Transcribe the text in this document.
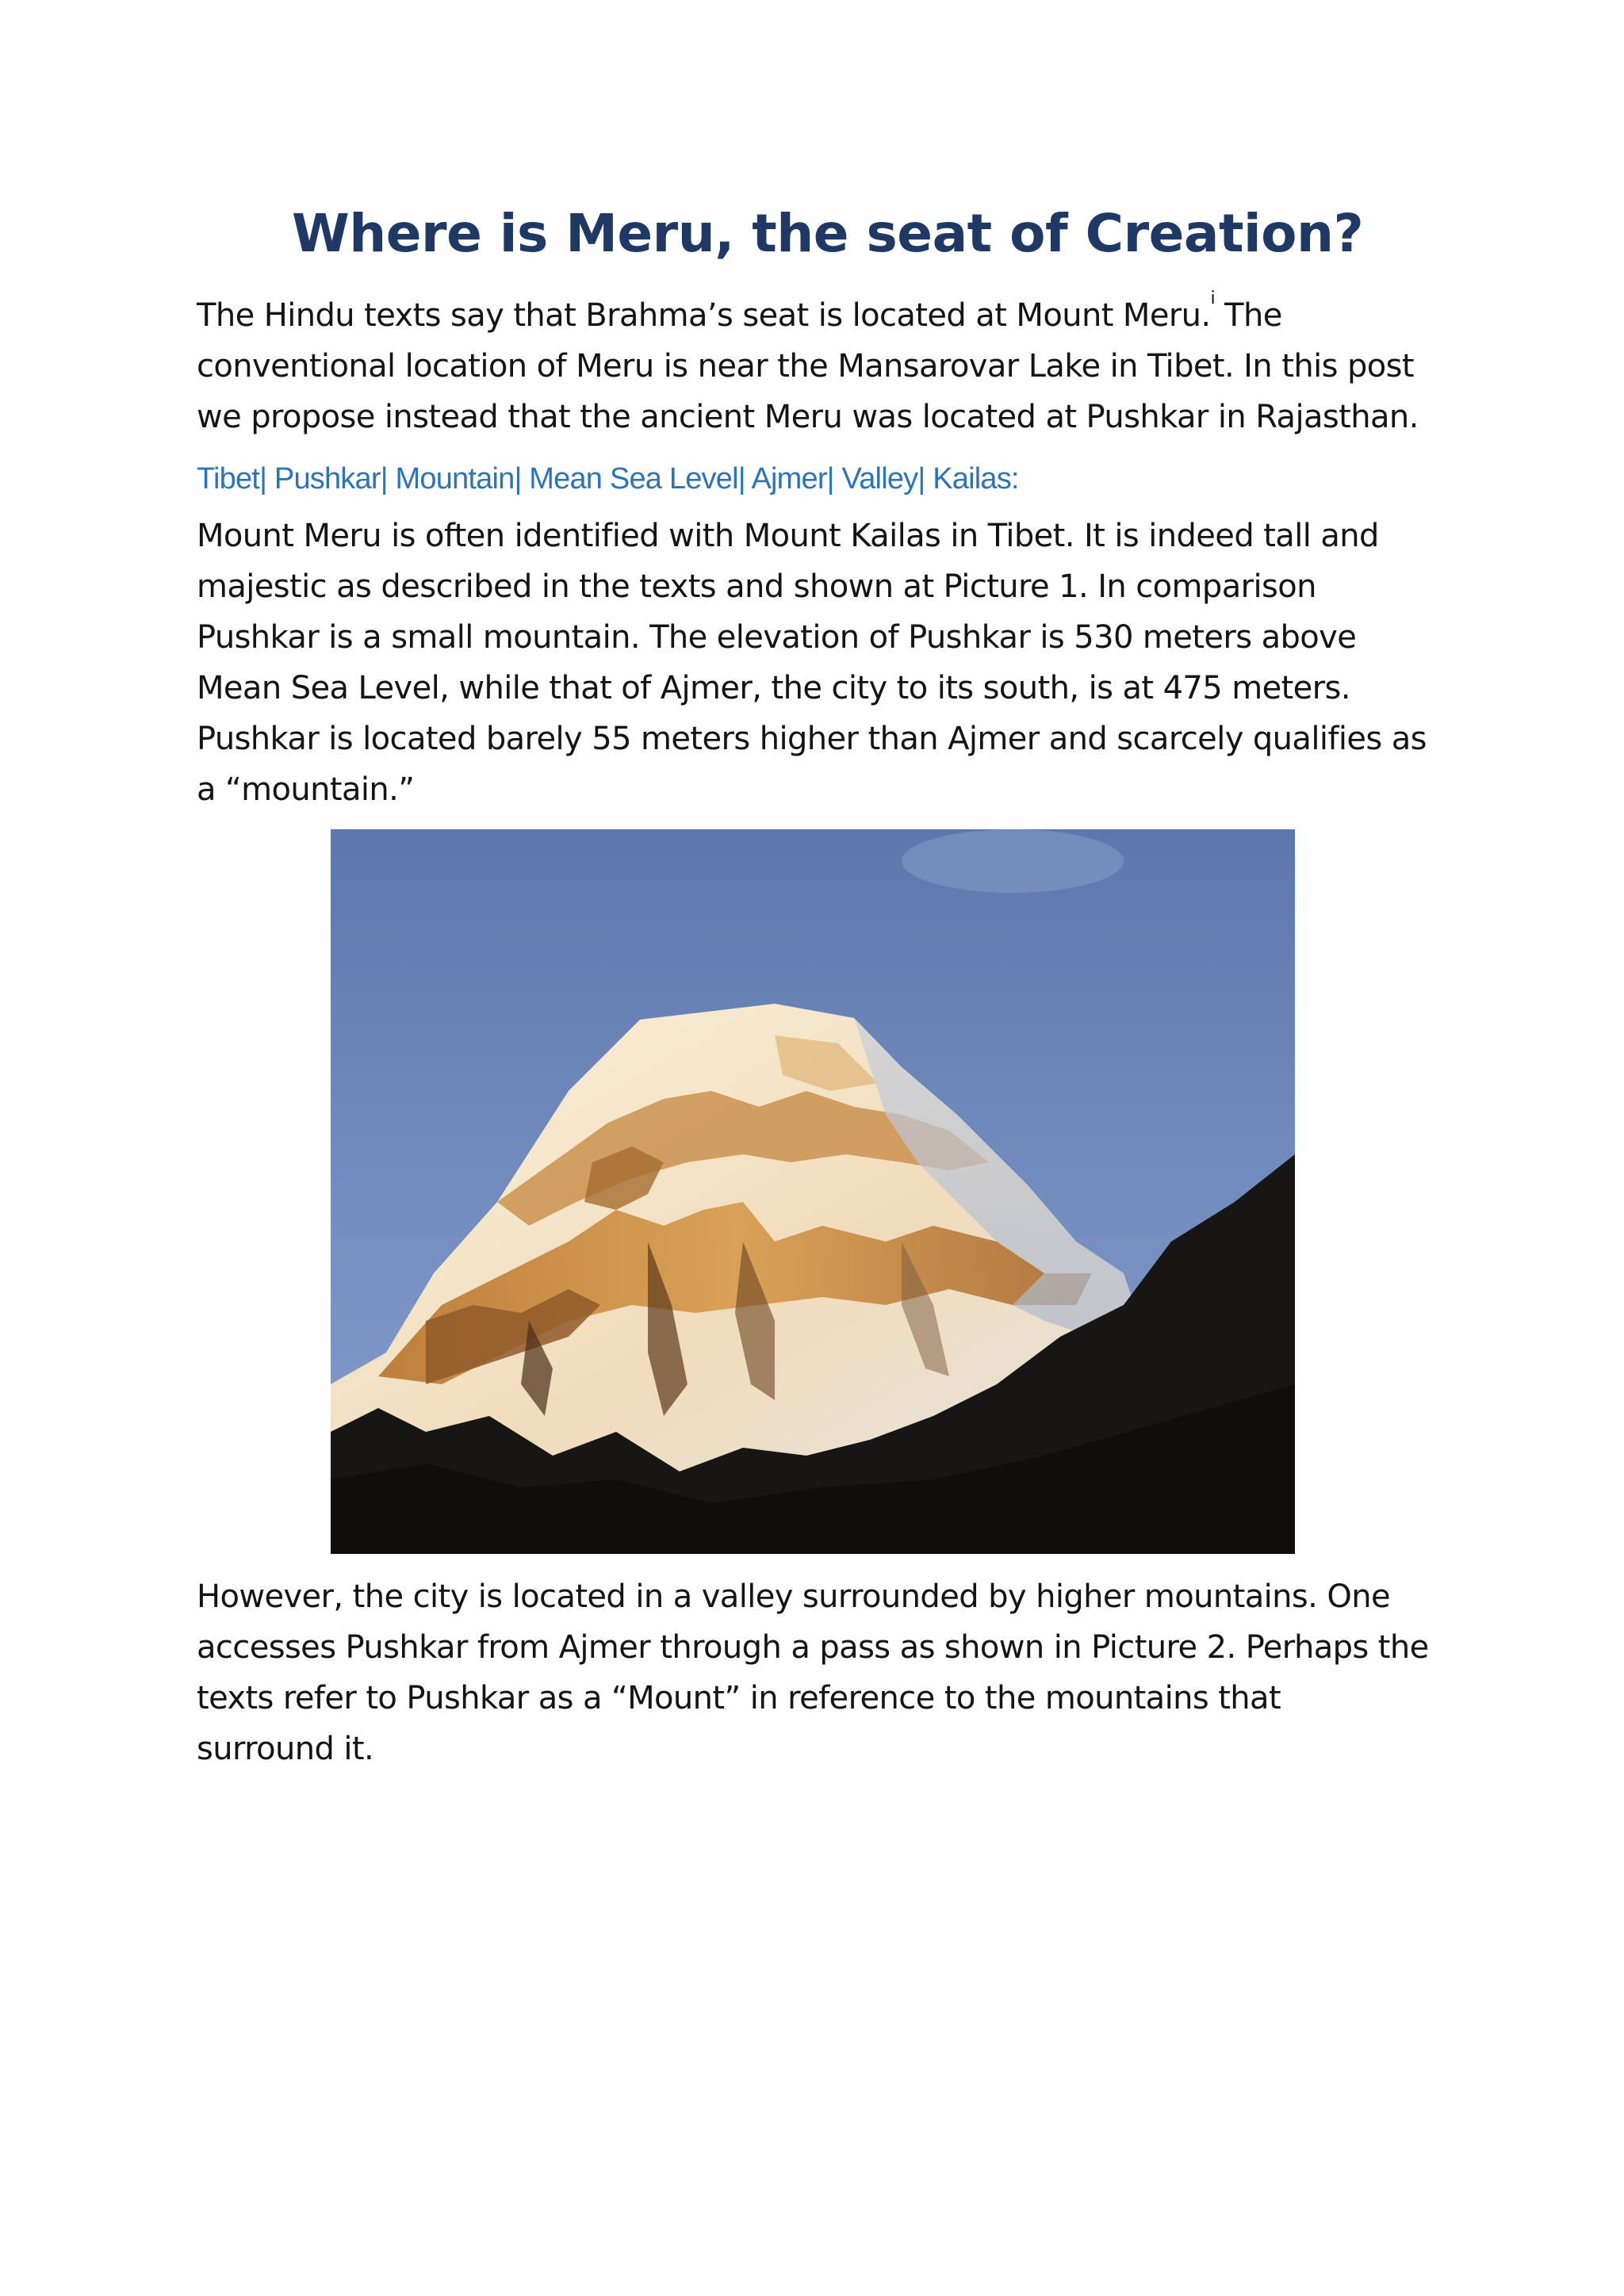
Where is Meru, the seat of Creation?

The Hindu texts say that Brahma’s seat is located at Mount Meru.$^i$ The
conventional location of Meru is near the Mansarovar Lake in Tibet. In this post
we propose instead that the ancient Meru was located at Pushkar in Rajasthan.

Tibet| Pushkar| Mountain| Mean Sea Level| Ajmer| Valley| Kailas:

Mount Meru is often identified with Mount Kailas in Tibet. It is indeed tall and
majestic as described in the texts and shown at Picture 1. In comparison
Pushkar is a small mountain. The elevation of Pushkar is 530 meters above
Mean Sea Level, while that of Ajmer, the city to its south, is at 475 meters.
Pushkar is located barely 55 meters higher than Ajmer and scarcely qualifies as
a “mountain.”

However, the city is located in a valley surrounded by higher mountains. One
accesses Pushkar from Ajmer through a pass as shown in Picture 2. Perhaps the
texts refer to Pushkar as a “Mount” in reference to the mountains that
surround it.
